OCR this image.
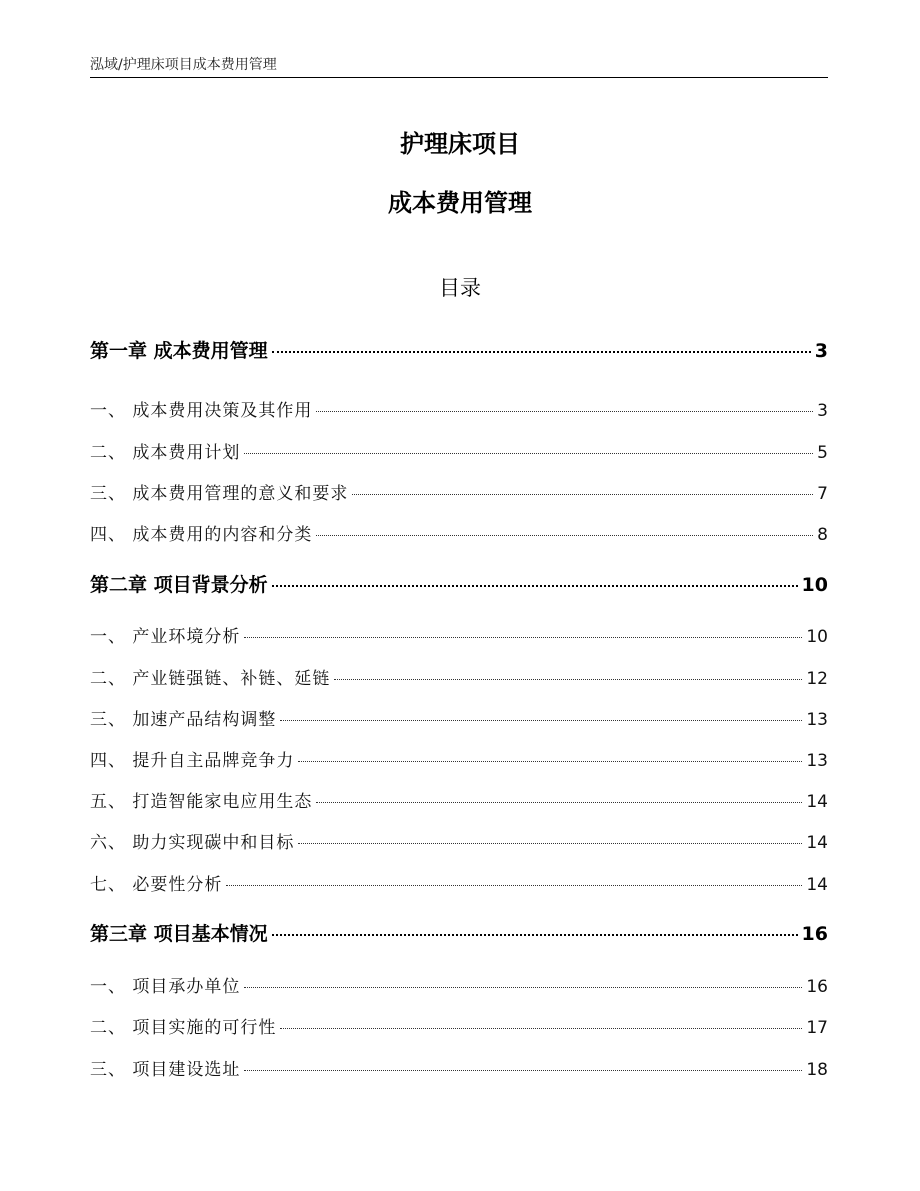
泓域/护理床项目成本费用管理
护理床项目
成本费用管理
目录
第一章 成本费用管理	3
一、 成本费用决策及其作用	3
二、 成本费用计划	5
三、 成本费用管理的意义和要求	7
四、 成本费用的内容和分类	8
第二章 项目背景分析	10
一、 产业环境分析	10
二、 产业链强链、补链、延链	12
三、 加速产品结构调整	13
四、 提升自主品牌竞争力	13
五、 打造智能家电应用生态	14
六、 助力实现碳中和目标	14
七、 必要性分析	14
第三章 项目基本情况	16
一、 项目承办单位	16
二、 项目实施的可行性	17
三、 项目建设选址	18
